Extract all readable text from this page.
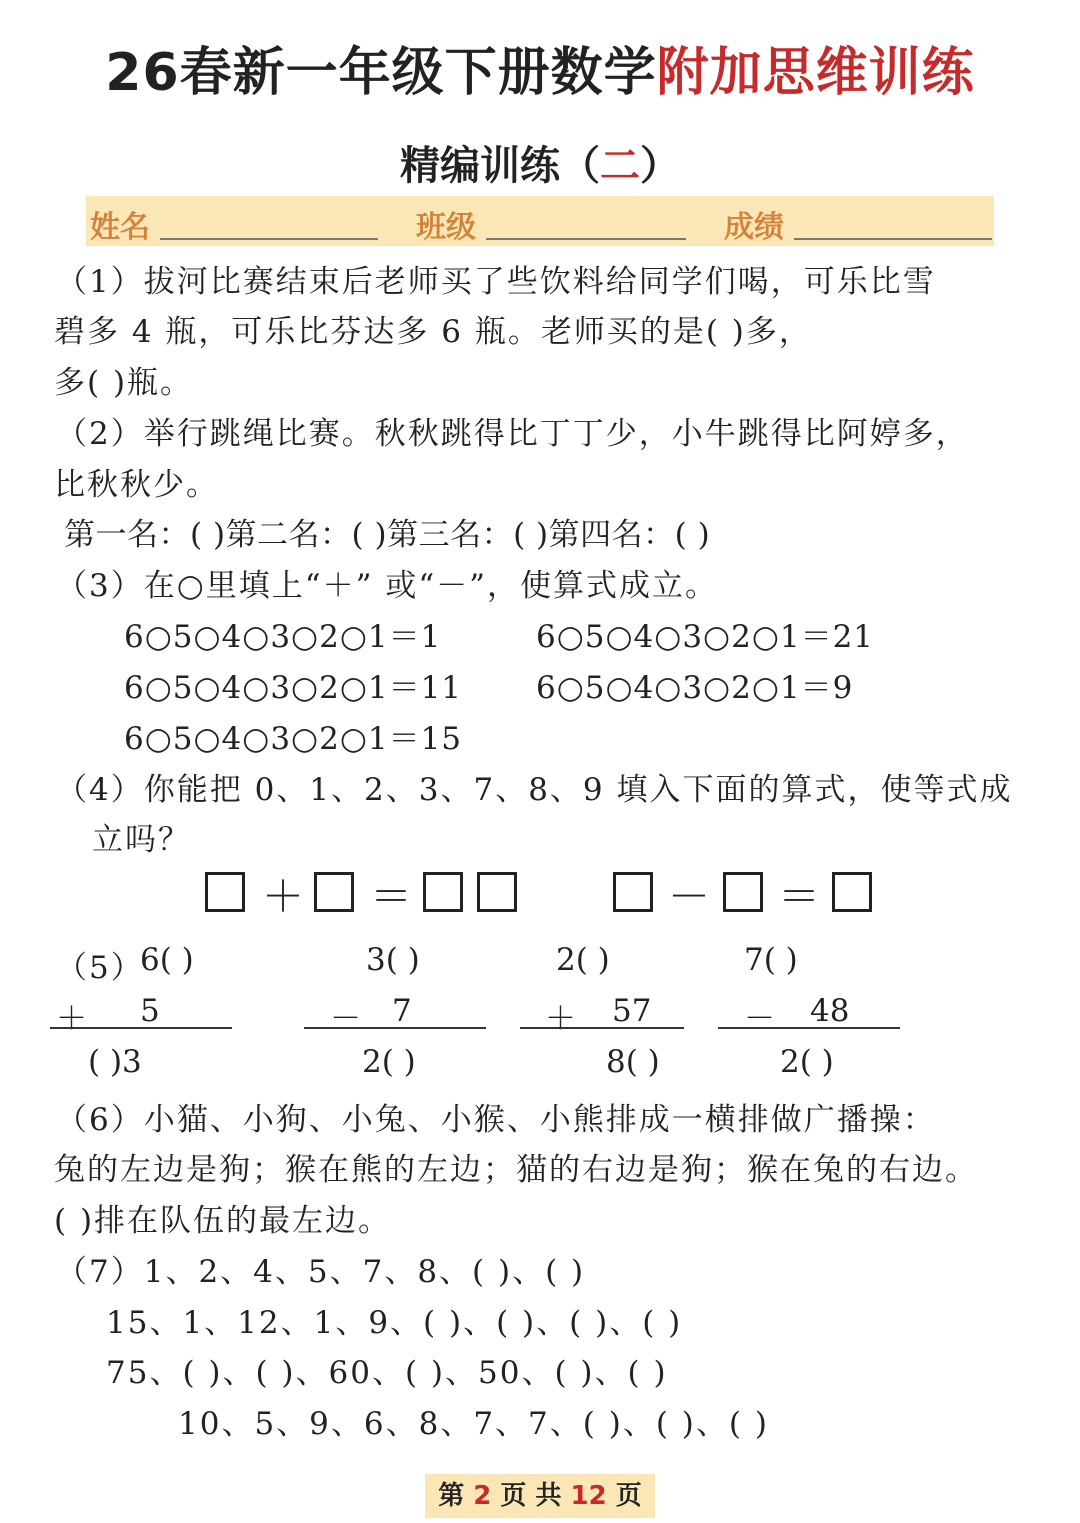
26春新一年级下册数学附加思维训练
精编训练（二）
姓名	班级	成绩
（1）拔河比赛结束后老师买了些饮料给同学们喝，可乐比雪
碧多 4 瓶，可乐比芬达多 6 瓶。老师买的是( )多，
多( )瓶。
（2）举行跳绳比赛。秋秋跳得比丁丁少，小牛跳得比阿婷多，
比秋秋少。
第一名：( )第二名：( )第三名：( )第四名：( )
（3）在○里填上“＋” 或“－”，使算式成立。
6○5○4○3○2○1＝1	6○5○4○3○2○1＝21
6○5○4○3○2○1＝11 6○5○4○3○2○1＝9
6○5○4○3○2○1＝15
（4）你能把 0、1、2、3、7、8、9 填入下面的算式，使等式成
立吗？
＋ ＝	－ ＝
（5）
6( )
＋ 5
( )3
3( )
－ 7
2( )
2( )
＋ 57
8( )
7( )
－ 48
2( )
（6）小猫、小狗、小兔、小猴、小熊排成一横排做广播操：
兔的左边是狗；猴在熊的左边；猫的右边是狗；猴在兔的右边。
( )排在队伍的最左边。
（7）1、2、4、5、7、8、( )、( )
15、1、12、1、9、( )、( )、( )、( )
75、( )、( )、60、( )、50、( )、( )
10、5、9、6、8、7、7、( )、( )、( )
第 2 页 共 12 页
